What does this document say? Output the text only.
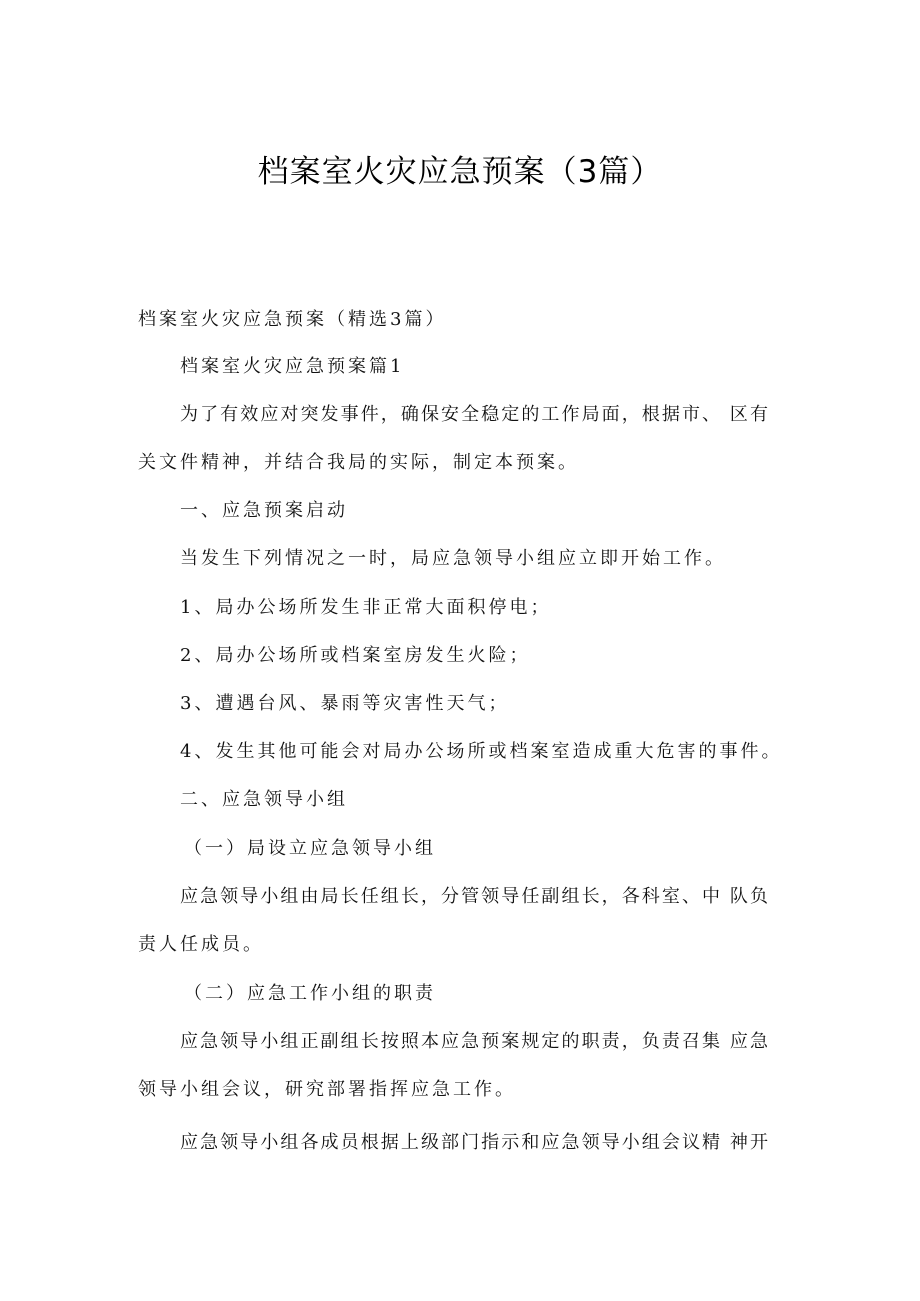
档案室火灾应急预案（3篇）

档案室火灾应急预案（精选3篇）

档案室火灾应急预案篇1

为了有效应对突发事件，确保安全稳定的工作局面，根据市、 区有

关文件精神，并结合我局的实际，制定本预案。

一、应急预案启动

当发生下列情况之一时，局应急领导小组应立即开始工作。

1、局办公场所发生非正常大面积停电；

2、局办公场所或档案室房发生火险；

3、遭遇台风、暴雨等灾害性天气；

4、发生其他可能会对局办公场所或档案室造成重大危害的事件。

二、应急领导小组

（一）局设立应急领导小组

应急领导小组由局长任组长，分管领导任副组长，各科室、中 队负

责人任成员。

（二）应急工作小组的职责

应急领导小组正副组长按照本应急预案规定的职责，负责召集 应急

领导小组会议，研究部署指挥应急工作。

应急领导小组各成员根据上级部门指示和应急领导小组会议精 神开
